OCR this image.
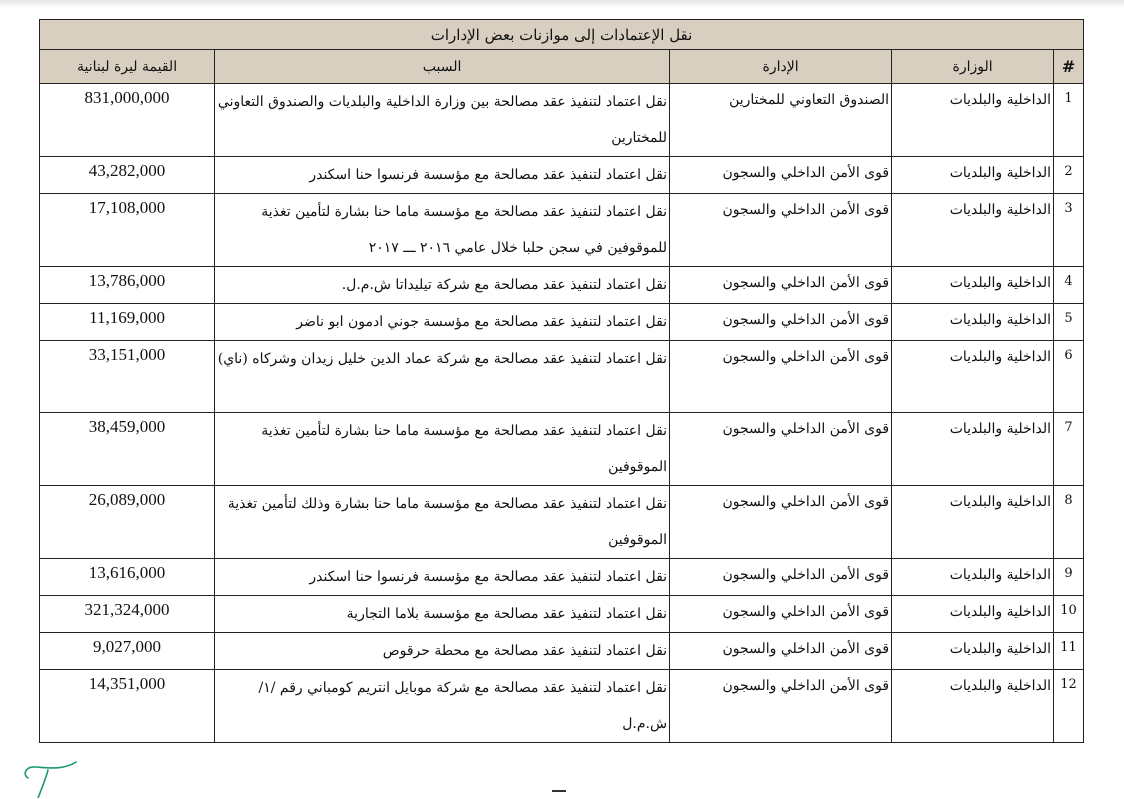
نقل الإعتمادات إلى موازنات بعض الإدارات				
#	الوزارة	الإدارة	السبب	القيمة ليرة لبنانية
1	الداخلية والبلديات	الصندوق التعاوني للمختارين	نقل اعتماد لتنفيذ عقد مصالحة بين وزارة الداخلية والبلديات والصندوق التعاوني للمختارين	831,000,000
2	الداخلية والبلديات	قوى الأمن الداخلي والسجون	نقل اعتماد لتنفيذ عقد مصالحة مع مؤسسة فرنسوا حنا اسكندر	43,282,000
3	الداخلية والبلديات	قوى الأمن الداخلي والسجون	نقل اعتماد لتنفيذ عقد مصالحة مع مؤسسة ماما حنا بشارة لتأمين تغذية للموقوفين في سجن حلبا خلال عامي ٢٠١٦ ـــ ٢٠١٧	17,108,000
4	الداخلية والبلديات	قوى الأمن الداخلي والسجون	نقل اعتماد لتنفيذ عقد مصالحة مع شركة تيليداتا ش.م.ل.	13,786,000
5	الداخلية والبلديات	قوى الأمن الداخلي والسجون	نقل اعتماد لتنفيذ عقد مصالحة مع مؤسسة جوني ادمون ابو ناضر	11,169,000
6	الداخلية والبلديات	قوى الأمن الداخلي والسجون	نقل اعتماد لتنفيذ عقد مصالحة مع شركة عماد الدين خليل زيدان وشركاه (ناي)	33,151,000
7	الداخلية والبلديات	قوى الأمن الداخلي والسجون	نقل اعتماد لتنفيذ عقد مصالحة مع مؤسسة ماما حنا بشارة لتأمين تغذية الموقوفين	38,459,000
8	الداخلية والبلديات	قوى الأمن الداخلي والسجون	نقل اعتماد لتنفيذ عقد مصالحة مع مؤسسة ماما حنا بشارة وذلك لتأمين تغذية الموقوفين	26,089,000
9	الداخلية والبلديات	قوى الأمن الداخلي والسجون	نقل اعتماد لتنفيذ عقد مصالحة مع مؤسسة فرنسوا حنا اسكندر	13,616,000
10	الداخلية والبلديات	قوى الأمن الداخلي والسجون	نقل اعتماد لتنفيذ عقد مصالحة مع مؤسسة بلاما التجارية	321,324,000
11	الداخلية والبلديات	قوى الأمن الداخلي والسجون	نقل اعتماد لتنفيذ عقد مصالحة مع محطة حرقوص	9,027,000
12	الداخلية والبلديات	قوى الأمن الداخلي والسجون	نقل اعتماد لتنفيذ عقد مصالحة مع شركة موبايل انتريم كومباني رقم /١/ ش.م.ل	14,351,000
